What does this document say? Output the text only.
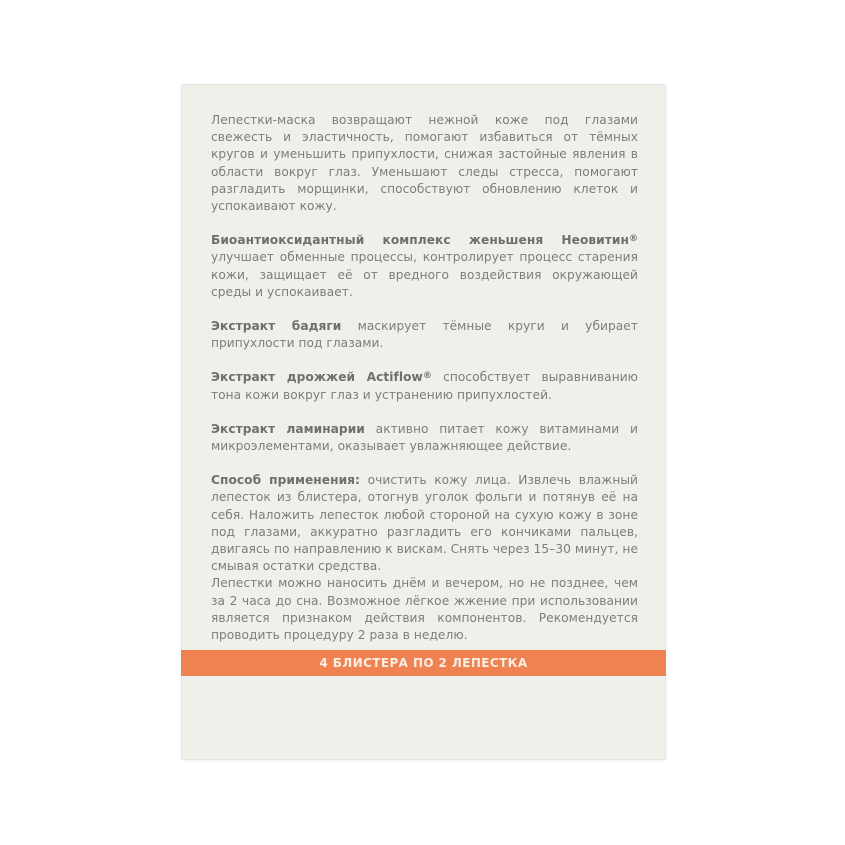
Лепестки-маска возвращают нежной коже под глазами свежесть и эластичность, помогают избавиться от тёмных кругов и уменьшить припухлости, снижая застойные явления в области вокруг глаз. Уменьшают следы стресса, помогают разгладить морщинки, способствуют обновлению клеток и успокаивают кожу.

Биоантиоксидантный комплекс женьшеня Неовитин® улучшает обменные процессы, контролирует процесс старения кожи, защищает её от вредного воздействия окружающей среды и успокаивает.

Экстракт бадяги маскирует тёмные круги и убирает припухлости под глазами.

Экстракт дрожжей Actiflow® способствует выравниванию тона кожи вокруг глаз и устранению припухлостей.

Экстракт ламинарии активно питает кожу витаминами и микроэлементами, оказывает увлажняющее действие.

Способ применения: очистить кожу лица. Извлечь влажный лепесток из блистера, отогнув уголок фольги и потянув её на себя. Наложить лепесток любой стороной на сухую кожу в зоне под глазами, аккуратно разгладить его кончиками пальцев, двигаясь по направлению к вискам. Снять через 15–30 минут, не смывая остатки средства.

Лепестки можно наносить днём и вечером, но не позднее, чем за 2 часа до сна. Возможное лёгкое жжение при использовании является признаком действия компонентов. Рекомендуется проводить процедуру 2 раза в неделю.

4 БЛИСТЕРА ПО 2 ЛЕПЕСТКА
